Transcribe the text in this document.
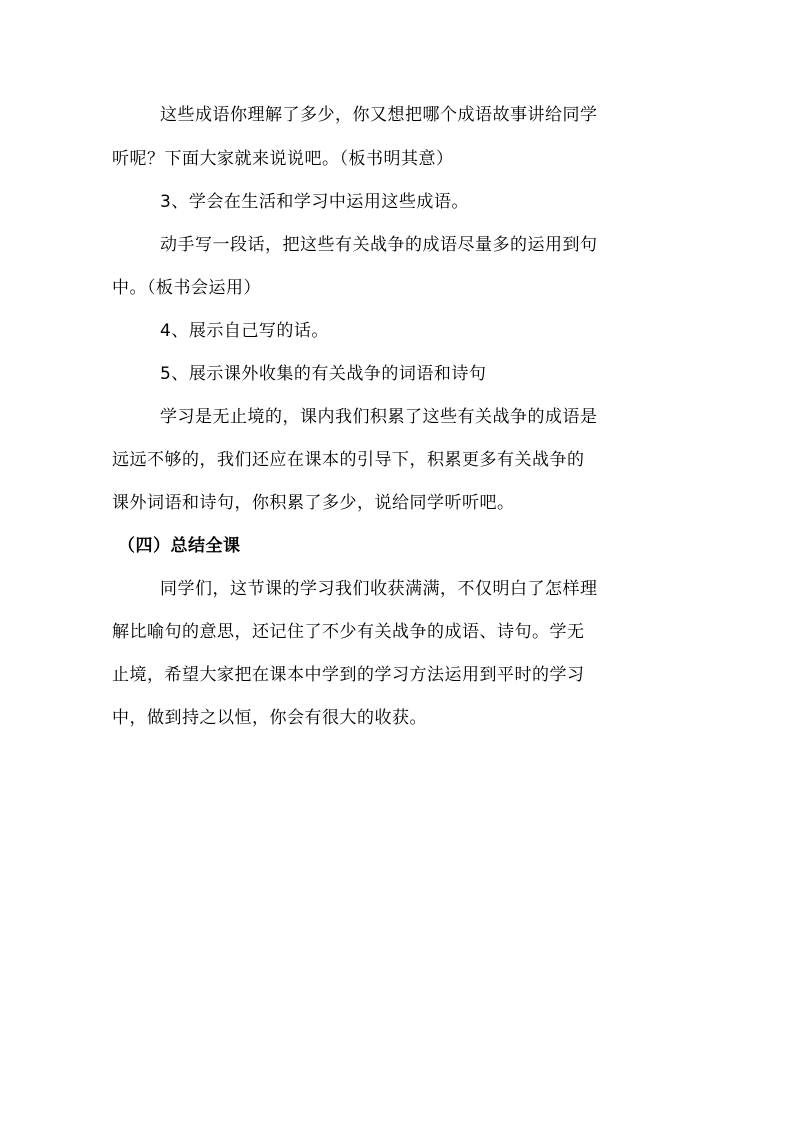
这些成语你理解了多少，你又想把哪个成语故事讲给同学
听呢？下面大家就来说说吧。（板书明其意）
3、学会在生活和学习中运用这些成语。
动手写一段话，把这些有关战争的成语尽量多的运用到句
中。（板书会运用）
4、展示自己写的话。
5、展示课外收集的有关战争的词语和诗句
学习是无止境的，课内我们积累了这些有关战争的成语是
远远不够的，我们还应在课本的引导下，积累更多有关战争的
课外词语和诗句，你积累了多少，说给同学听听吧。
（四）总结全课
同学们，这节课的学习我们收获满满，不仅明白了怎样理
解比喻句的意思，还记住了不少有关战争的成语、诗句。学无
止境，希望大家把在课本中学到的学习方法运用到平时的学习
中，做到持之以恒，你会有很大的收获。
